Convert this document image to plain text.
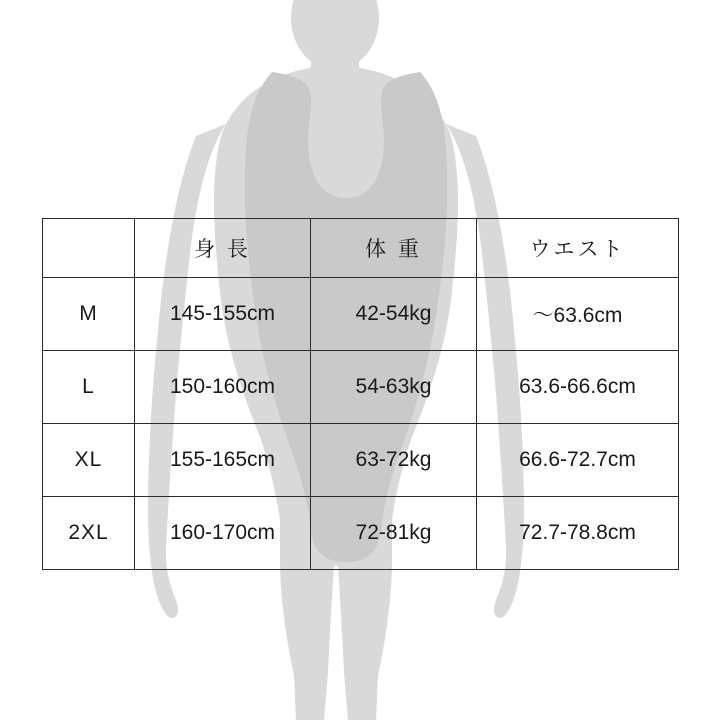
	身 長	体 重	ウエスト
M	145-155cm	42-54kg	〜63.6cm
L	150-160cm	54-63kg	63.6-66.6cm
XL	155-165cm	63-72kg	66.6-72.7cm
2XL	160-170cm	72-81kg	72.7-78.8cm
